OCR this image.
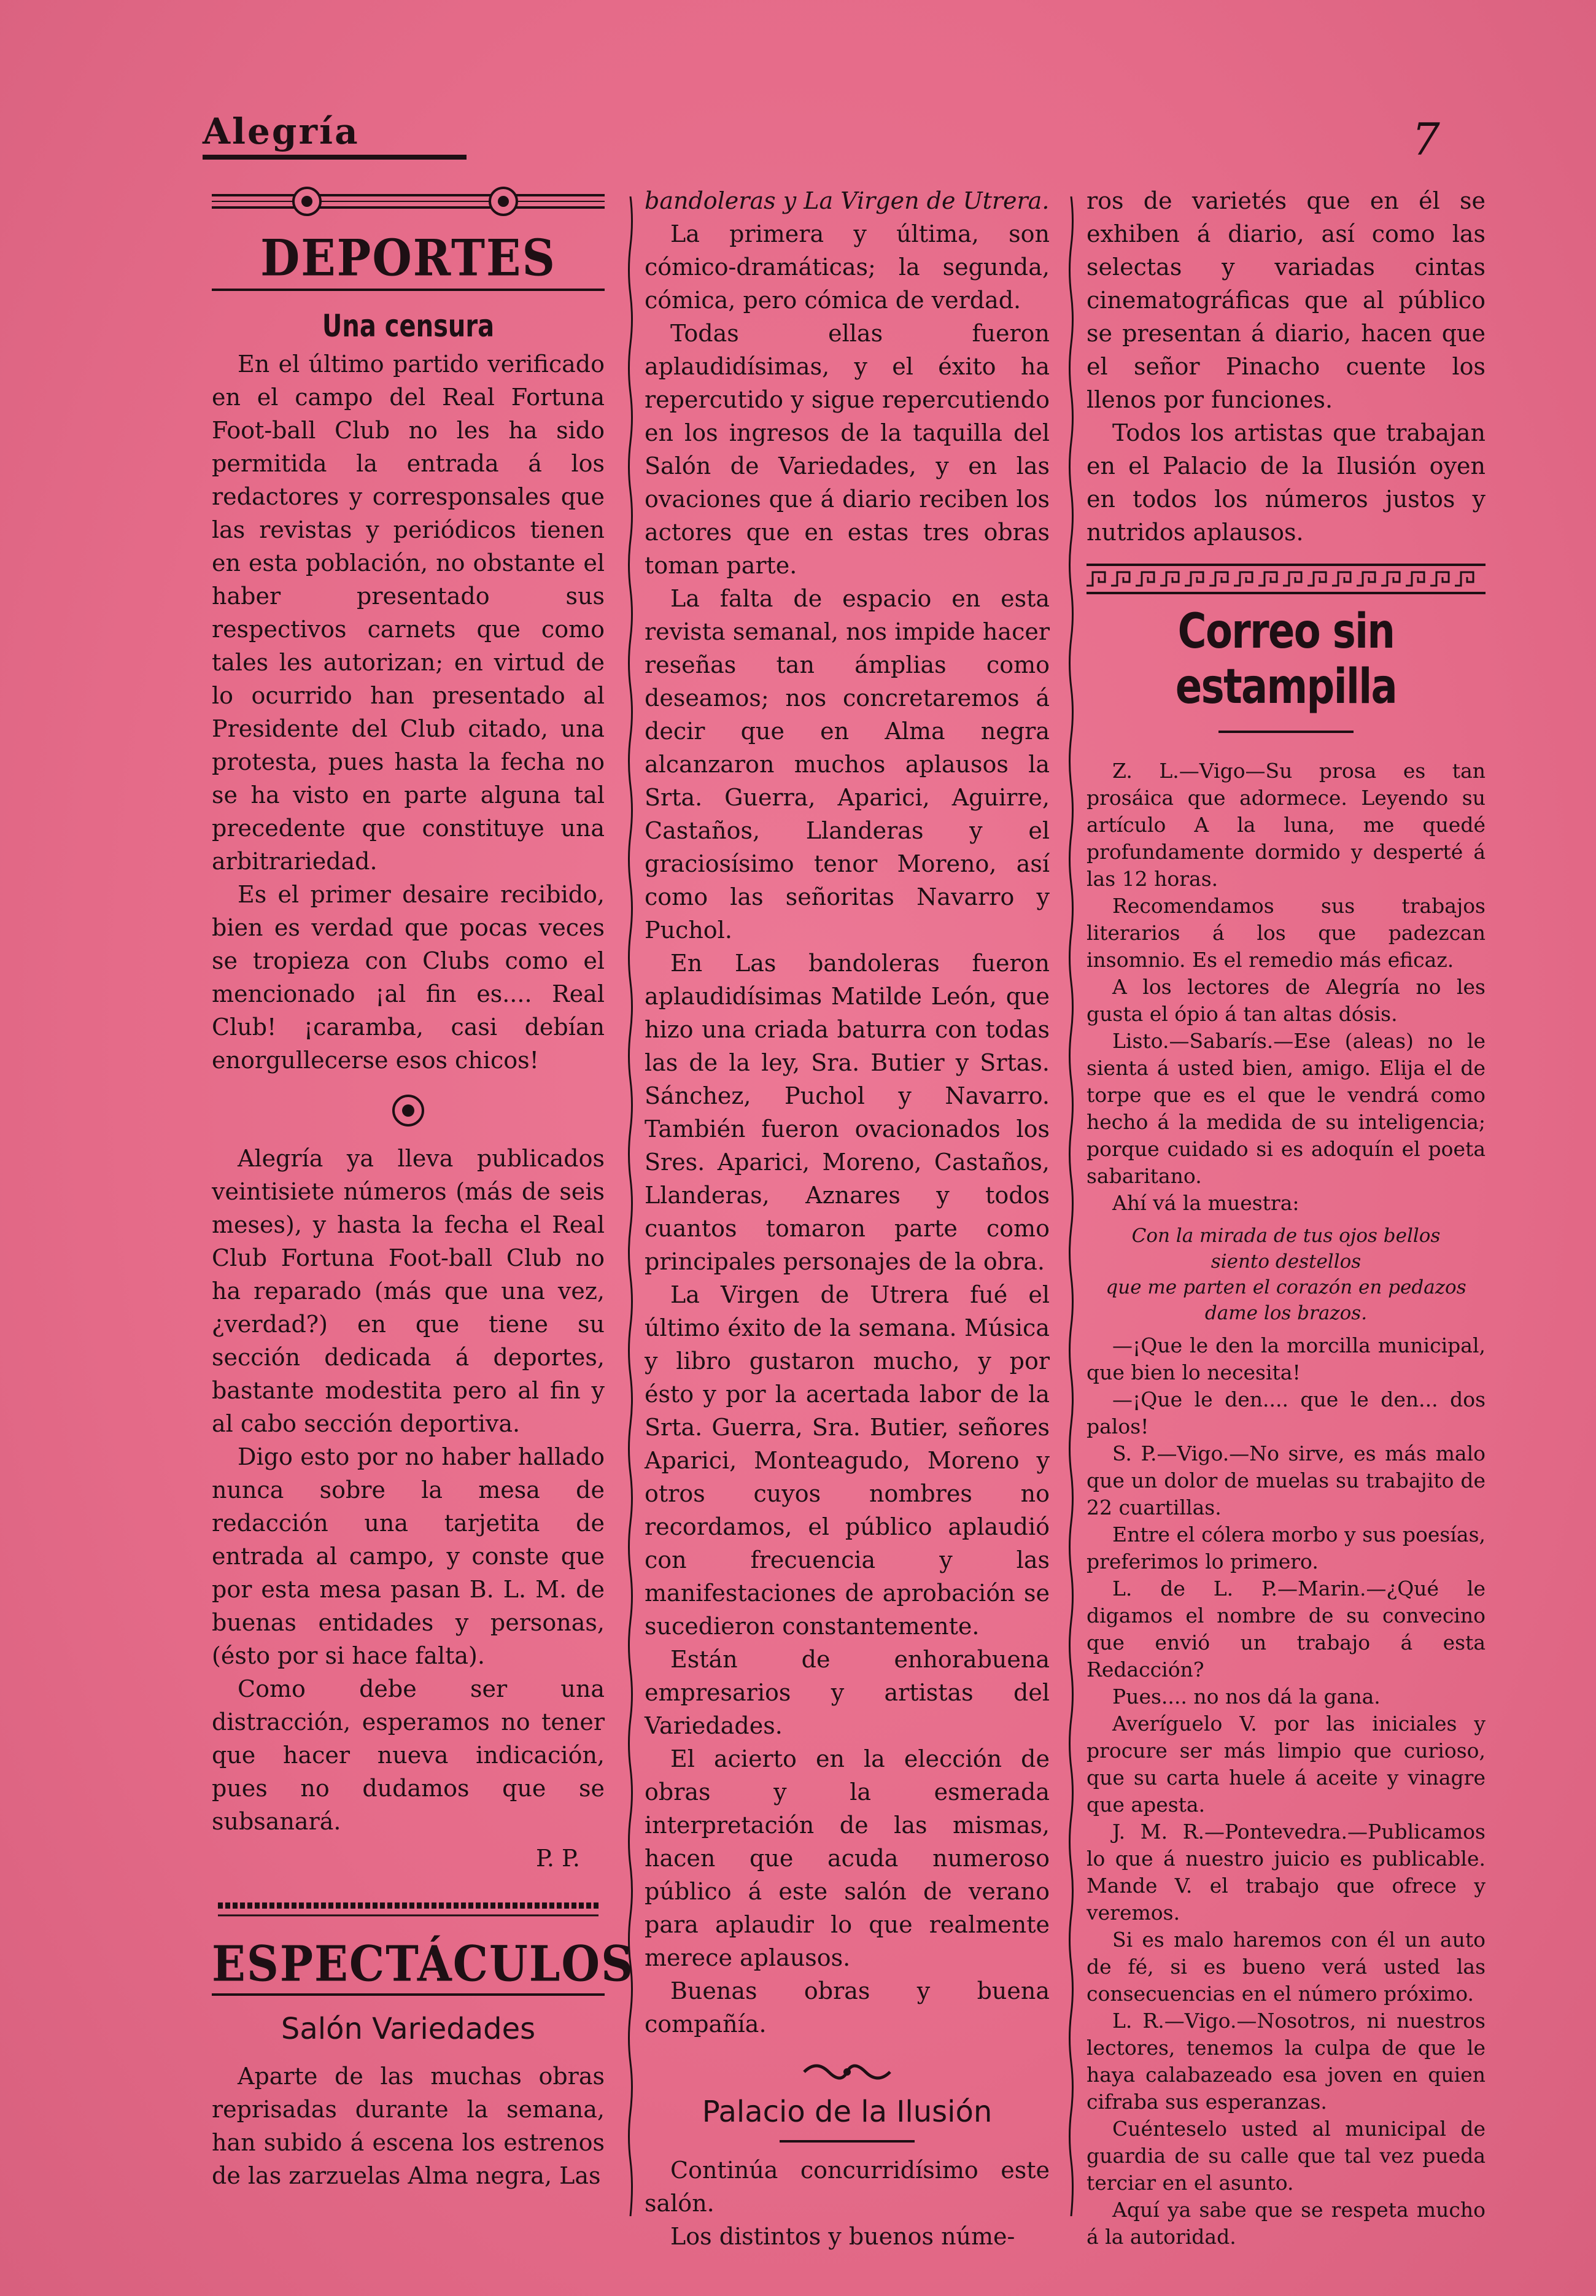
Alegría	7
DEPORTES
Una censura

En el último partido verificado en el campo del Real Fortuna Foot-ball Club no les ha sido permitida la entrada á los redactores y corresponsales que las revistas y periódicos tienen en esta población, no obstante el haber presentado sus respectivos carnets que como tales les autorizan; en virtud de lo ocurrido han presentado al Presidente del Club citado, una protesta, pues hasta la fecha no se ha visto en parte alguna tal precedente que constituye una arbitrariedad.

Es el primer desaire recibido, bien es verdad que pocas veces se tropieza con Clubs como el mencionado ¡al fin es.... Real Club! ¡caramba, casi debían enorgullecerse esos chicos!

Alegría ya lleva publicados veintisiete números (más de seis meses), y hasta la fecha el Real Club Fortuna Foot-ball Club no ha reparado (más que una vez, ¿verdad?) en que tiene su sección dedicada á deportes, bastante modestita pero al fin y al cabo sección deportiva.

Digo esto por no haber hallado nunca sobre la mesa de redacción una tarjetita de entrada al campo, y conste que por esta mesa pasan B. L. M. de buenas entidades y personas, (ésto por si hace falta).

Como debe ser una distracción, esperamos no tener que hacer nueva indicación, pues no dudamos que se subsanará.

P. P.
ESPECTÁCULOS
Salón Variedades

Aparte de las muchas obras reprisadas durante la semana, han subido á escena los estrenos de las zarzuelas Alma negra, Las

bandoleras y La Virgen de Utrera.

La primera y última, son cómico-dramáticas; la segunda, cómica, pero cómica de verdad.

Todas ellas fueron aplaudidísimas, y el éxito ha repercutido y sigue repercutiendo en los ingresos de la taquilla del Salón de Variedades, y en las ovaciones que á diario reciben los actores que en estas tres obras toman parte.

La falta de espacio en esta revista semanal, nos impide hacer reseñas tan ámplias como deseamos; nos concretaremos á decir que en Alma negra alcanzaron muchos aplausos la Srta. Guerra, Aparici, Aguirre, Castaños, Llanderas y el graciosísimo tenor Moreno, así como las señoritas Navarro y Puchol.

En Las bandoleras fueron aplaudidísimas Matilde León, que hizo una criada baturra con todas las de la ley, Sra. Butier y Srtas. Sánchez, Puchol y Navarro. También fueron ovacionados los Sres. Aparici, Moreno, Castaños, Llanderas, Aznares y todos cuantos tomaron parte como principales personajes de la obra.

La Virgen de Utrera fué el último éxito de la semana. Música y libro gustaron mucho, y por ésto y por la acertada labor de la Srta. Guerra, Sra. Butier, señores Aparici, Monteagudo, Moreno y otros cuyos nombres no recordamos, el público aplaudió con frecuencia y las manifestaciones de aprobación se sucedieron constantemente.

Están de enhorabuena empresarios y artistas del Variedades.

El acierto en la elección de obras y la esmerada interpretación de las mismas, hacen que acuda numeroso público á este salón de verano para aplaudir lo que realmente merece aplausos.

Buenas obras y buena compañía.

Palacio de la Ilusión

Continúa concurridísimo este salón.

Los distintos y buenos núme-

ros de varietés que en él se exhiben á diario, así como las selectas y variadas cintas cinematográficas que al público se presentan á diario, hacen que el señor Pinacho cuente los llenos por funciones.

Todos los artistas que trabajan en el Palacio de la Ilusión oyen en todos los números justos y nutridos aplausos.

Correo sin estampilla

Z. L.—Vigo—Su prosa es tan prosáica que adormece. Leyendo su artículo A la luna, me quedé profundamente dormido y desperté á las 12 horas.

Recomendamos sus trabajos literarios á los que padezcan insomnio. Es el remedio más eficaz.

A los lectores de Alegría no les gusta el ópio á tan altas dósis.

Listo.—Sabarís.—Ese (aleas) no le sienta á usted bien, amigo. Elija el de torpe que es el que le vendrá como hecho á la medida de su inteligencia; porque cuidado si es adoquín el poeta sabaritano.

Ahí vá la muestra:

Con la mirada de tus ojos bellos
siento destellos
que me parten el corazón en pedazos
dame los brazos.

—¡Que le den la morcilla municipal, que bien lo necesita!

—¡Que le den.... que le den... dos palos!

S. P.—Vigo.—No sirve, es más malo que un dolor de muelas su trabajito de 22 cuartillas.

Entre el cólera morbo y sus poesías, preferimos lo primero.

L. de L. P.—Marin.—¿Qué le digamos el nombre de su convecino que envió un trabajo á esta Redacción?

Pues.... no nos dá la gana.

Averíguelo V. por las iniciales y procure ser más limpio que curioso, que su carta huele á aceite y vinagre que apesta.

J. M. R.—Pontevedra.—Publicamos lo que á nuestro juicio es publicable. Mande V. el trabajo que ofrece y veremos.

Si es malo haremos con él un auto de fé, si es bueno verá usted las consecuencias en el número próximo.

L. R.—Vigo.—Nosotros, ni nuestros lectores, tenemos la culpa de que le haya calabazeado esa joven en quien cifraba sus esperanzas.

Cuénteselo usted al municipal de guardia de su calle que tal vez pueda terciar en el asunto.

Aquí ya sabe que se respeta mucho á la autoridad.
